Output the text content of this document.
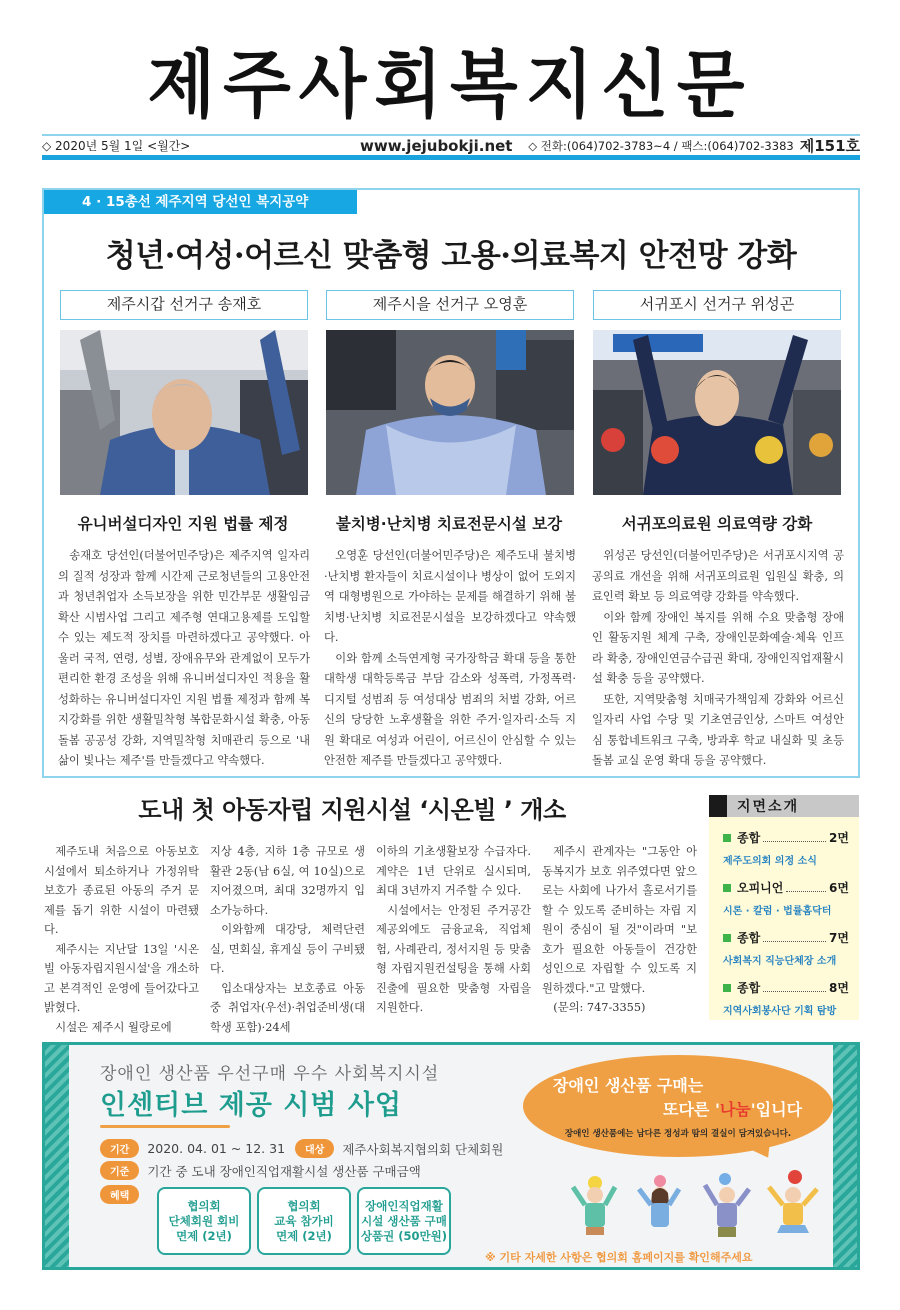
제주사회복지신문
◇ 2020년 5월 1일 <월간>	www.jejubokji.net	◇ 전화:(064)702-3783~4 / 팩스:(064)702-3383 제151호
4 · 15총선 제주지역 당선인 복지공약
청년·여성·어르신 맞춤형 고용·의료복지 안전망 강화
제주시갑 선거구 송재호	제주시을 선거구 오영훈	서귀포시 선거구 위성곤
유니버설디자인 지원 법률 제정	불치병·난치병 치료전문시설 보강	서귀포의료원 의료역량 강화

송재호 당선인(더불어민주당)은 제주지역 일자리의 질적 성장과 함께 시간제 근로청년들의 고용안전과 청년취업자 소득보장을 위한 민간부문 생활임금 확산 시범사업 그리고 제주형 연대고용제를 도입할 수 있는 제도적 장치를 마련하겠다고 공약했다. 아울러 국적, 연령, 성별, 장애유무와 관계없이 모두가 편리한 환경 조성을 위해 유니버설디자인 적용을 활성화하는 유니버설디자인 지원 법률 제정과 함께 복지강화를 위한 생활밀착형 복합문화시설 확충, 아동돌봄 공공성 강화, 지역밀착형 치매관리 등으로 '내 삶이 빛나는 제주'를 만들겠다고 약속했다.

오영훈 당선인(더불어민주당)은 제주도내 불치병·난치병 환자들이 치료시설이나 병상이 없어 도외지역 대형병원으로 가야하는 문제를 해결하기 위해 불치병·난치병 치료전문시설을 보강하겠다고 약속했다.

이와 함께 소득연계형 국가장학금 확대 등을 통한 대학생 대학등록금 부담 감소와 성폭력, 가정폭력·디지털 성범죄 등 여성대상 범죄의 처벌 강화, 어르신의 당당한 노후생활을 위한 주거·일자리·소득 지원 확대로 여성과 어린이, 어르신이 안심할 수 있는 안전한 제주를 만들겠다고 공약했다.

위성곤 당선인(더불어민주당)은 서귀포시지역 공공의료 개선을 위해 서귀포의료원 입원실 확충, 의료인력 확보 등 의료역량 강화를 약속했다.

이와 함께 장애인 복지를 위해 수요 맞춤형 장애인 활동지원 체계 구축, 장애인문화예술·체육 인프라 확충, 장애인연금수급권 확대, 장애인직업재활시설 확충 등을 공약했다.

또한, 지역맞춤형 치매국가책임제 강화와 어르신 일자리 사업 수당 및 기초연금인상, 스마트 여성안심 통합네트워크 구축, 방과후 학교 내실화 및 초등돌봄 교실 운영 확대 등을 공약했다.

도내 첫 아동자립 지원시설 ‘시온빌 ’ 개소

제주도내 처음으로 아동보호시설에서 퇴소하거나 가정위탁보호가 종료된 아동의 주거 문제를 돕기 위한 시설이 마련됐다.

제주시는 지난달 13일 '시온빌 아동자립지원시설'을 개소하고 본격적인 운영에 들어갔다고 밝혔다.

시설은 제주시 월랑로에

지상 4층, 지하 1층 규모로 생활관 2동(남 6실, 여 10실)으로 지어졌으며, 최대 32명까지 입소가능하다.

이와함께 대강당, 체력단련실, 면회실, 휴게실 등이 구비됐다.

입소대상자는 보호종료 아동 중 취업자(우선)·취업준비생(대학생 포함)·24세

이하의 기초생활보장 수급자다. 계약은 1년 단위로 실시되며, 최대 3년까지 거주할 수 있다.

시설에서는 안정된 주거공간 제공외에도 금융교육, 직업체험, 사례관리, 정서지원 등 맞춤형 자립지원컨설팅을 통해 사회진출에 필요한 맞춤형 자립을 지원한다.

제주시 관계자는 "그동안 아동복지가 보호 위주였다면 앞으로는 사회에 나가서 홀로서기를 할 수 있도록 준비하는 자립 지원이 중심이 될 것"이라며 "보호가 필요한 아동들이 건강한 성인으로 자립할 수 있도록 지원하겠다."고 말했다.

(문의: 747-3355)

지면소개
종합	2면
제주도의회 의정 소식
오피니언	6면
시론 · 칼럼 · 법률홈닥터
종합	7면
사회복지 직능단체장 소개
종합	8면
지역사회봉사단 기획 탐방
장애인 생산품 우선구매 우수 사회복지시설
인센티브 제공 시범 사업
기간	2020. 04. 01 ~ 12. 31	대상	제주사회복지협의회 단체회원
기준	기간 중 도내 장애인직업재활시설 생산품 구매금액
혜택
협의회
단체회원 회비
면제 (2년)
협의회
교육 참가비
면제 (2년)
장애인직업재활
시설 생산품 구매
상품권 (50만원)
장애인 생산품 구매는
또다른 '나눔'입니다
장애인 생산품에는 남다른 정성과 땀의 결실이 담겨있습니다.
※ 기타 자세한 사항은 협의회 홈페이지를 확인해주세요
